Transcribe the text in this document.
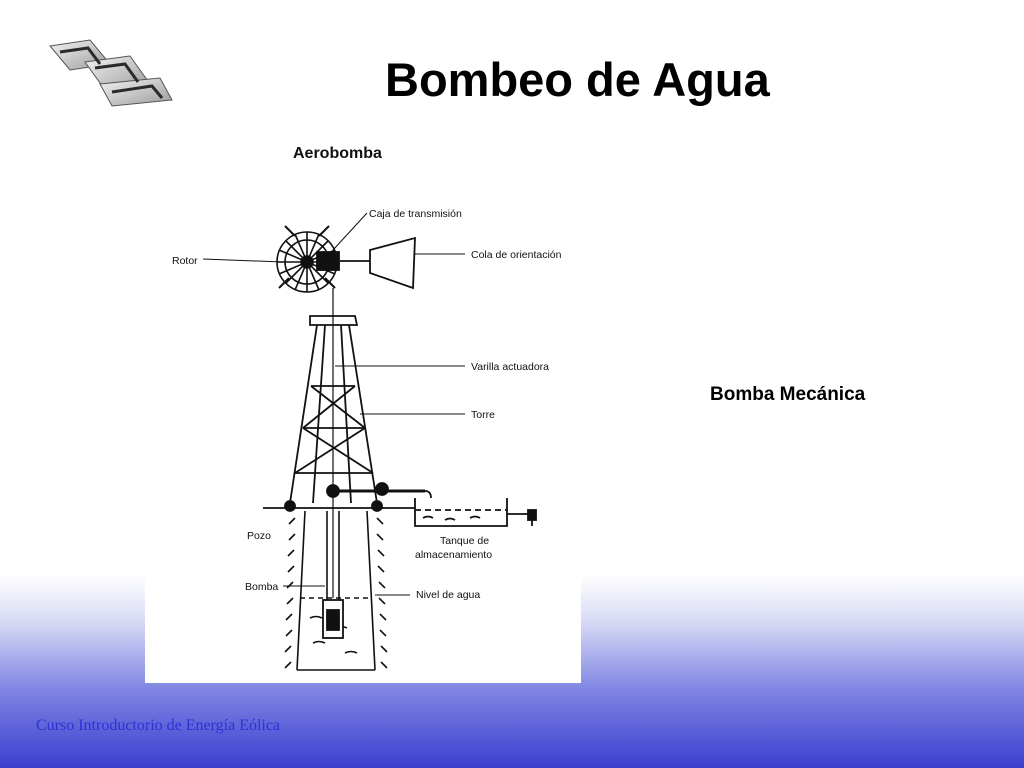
Bombeo de Agua
Aerobomba
Caja de transmisión
Rotor	Cola de orientación
Varilla actuadora
Torre
Pozo	Tanque de
almacenamiento
Bomba
Nivel de agua
Bomba Mecánica
Curso Introductorio de Energía Eólica
